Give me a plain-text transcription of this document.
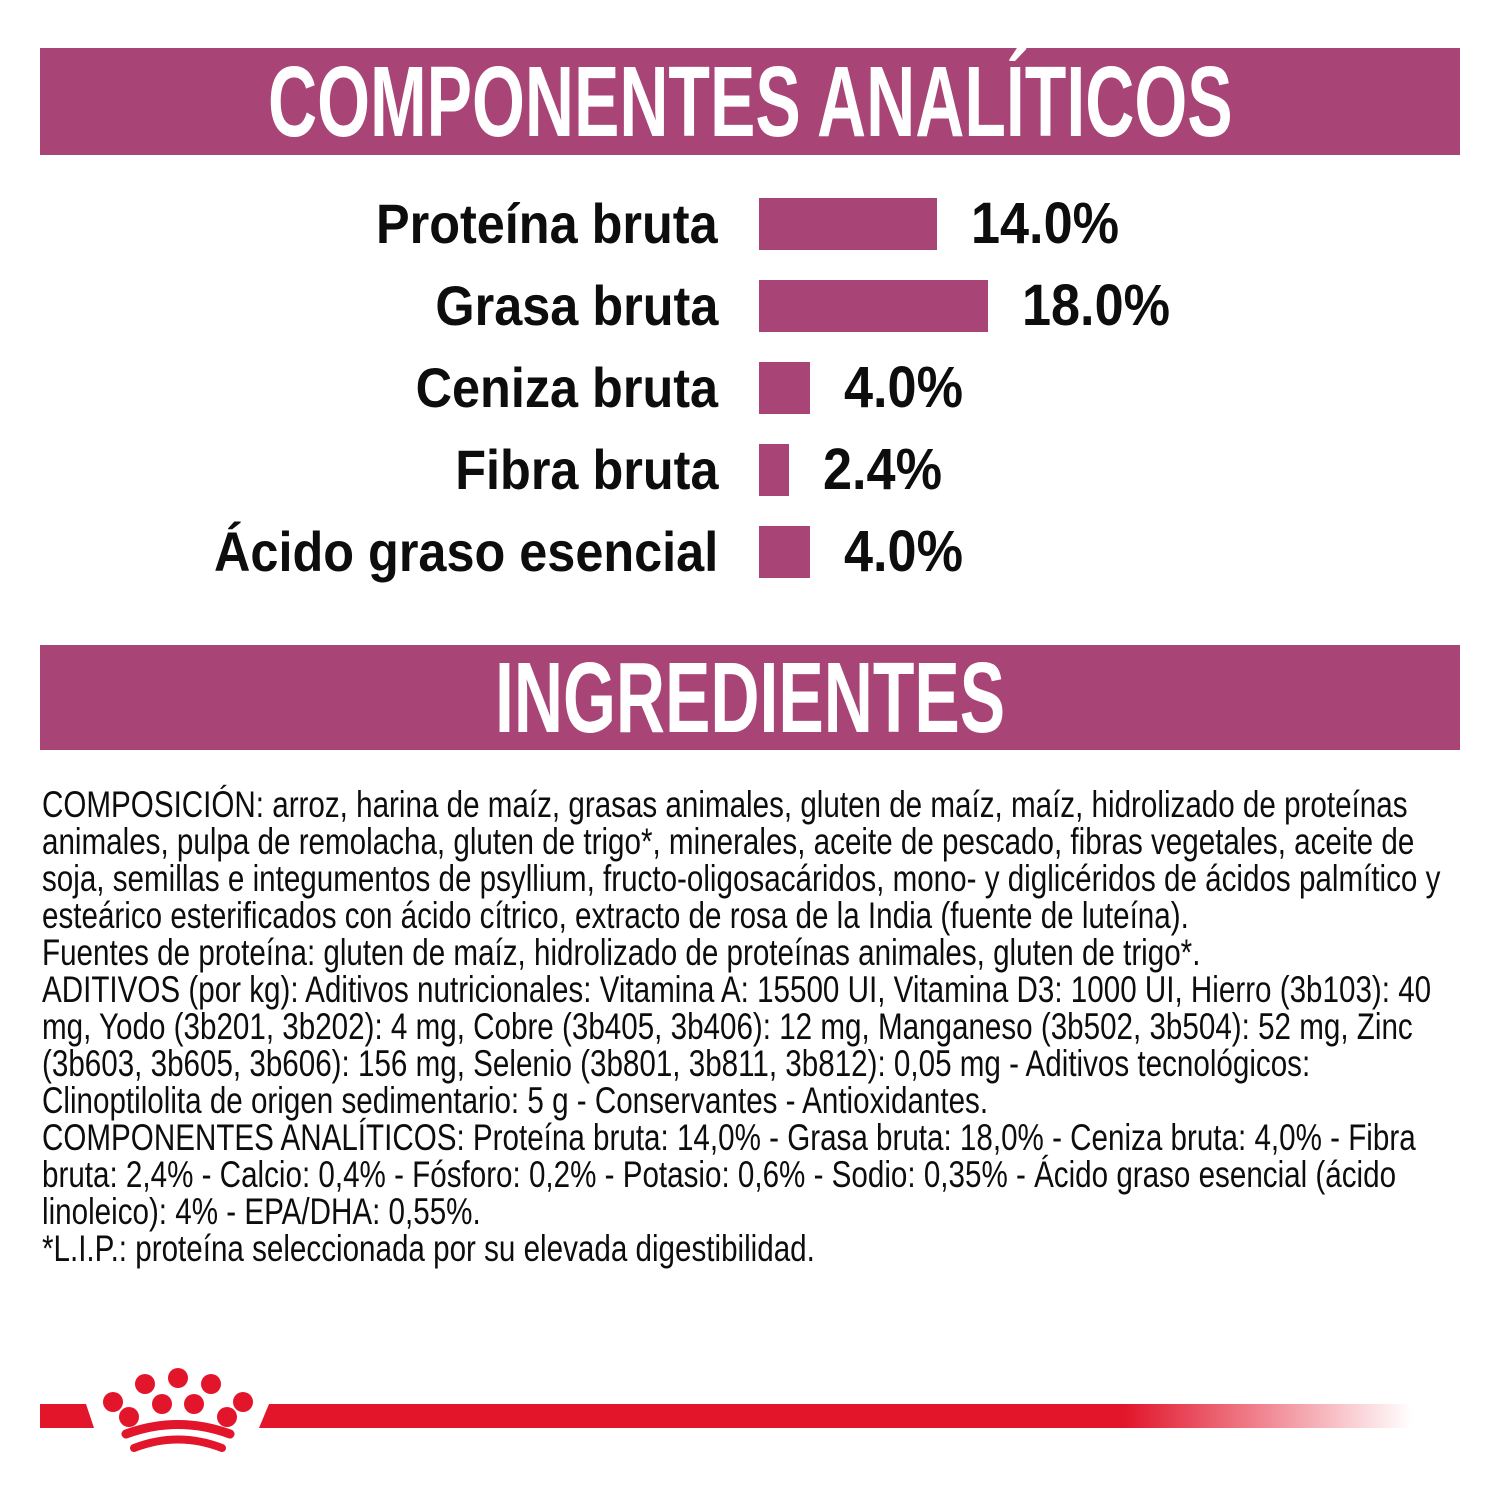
COMPONENTES ANALÍTICOS
Proteína bruta	14.0%
Grasa bruta	18.0%
Ceniza bruta 4.0%
Fibra bruta 2.4%
Ácido graso esencial 4.0%
INGREDIENTES

COMPOSICIÓN: arroz, harina de maíz, grasas animales, gluten de maíz, maíz, hidrolizado de proteínas animales, pulpa de remolacha, gluten de trigo*, minerales, aceite de pescado, fibras vegetales, aceite de soja, semillas e integumentos de psyllium, fructo-oligosacáridos, mono- y diglicéridos de ácidos palmítico y esteárico esterificados con ácido cítrico, extracto de rosa de la India (fuente de luteína).

Fuentes de proteína: gluten de maíz, hidrolizado de proteínas animales, gluten de trigo*.

ADITIVOS (por kg): Aditivos nutricionales: Vitamina A: 15500 UI, Vitamina D3: 1000 UI, Hierro (3b103): 40 mg, Yodo (3b201, 3b202): 4 mg, Cobre (3b405, 3b406): 12 mg, Manganeso (3b502, 3b504): 52 mg, Zinc (3b603, 3b605, 3b606): 156 mg, Selenio (3b801, 3b811, 3b812): 0,05 mg - Aditivos tecnológicos: Clinoptilolita de origen sedimentario: 5 g - Conservantes - Antioxidantes.

COMPONENTES ANALÍTICOS: Proteína bruta: 14,0% - Grasa bruta: 18,0% - Ceniza bruta: 4,0% - Fibra bruta: 2,4% - Calcio: 0,4% - Fósforo: 0,2% - Potasio: 0,6% - Sodio: 0,35% - Ácido graso esencial (ácido linoleico): 4% - EPA/DHA: 0,55%.

*L.I.P.: proteína seleccionada por su elevada digestibilidad.
